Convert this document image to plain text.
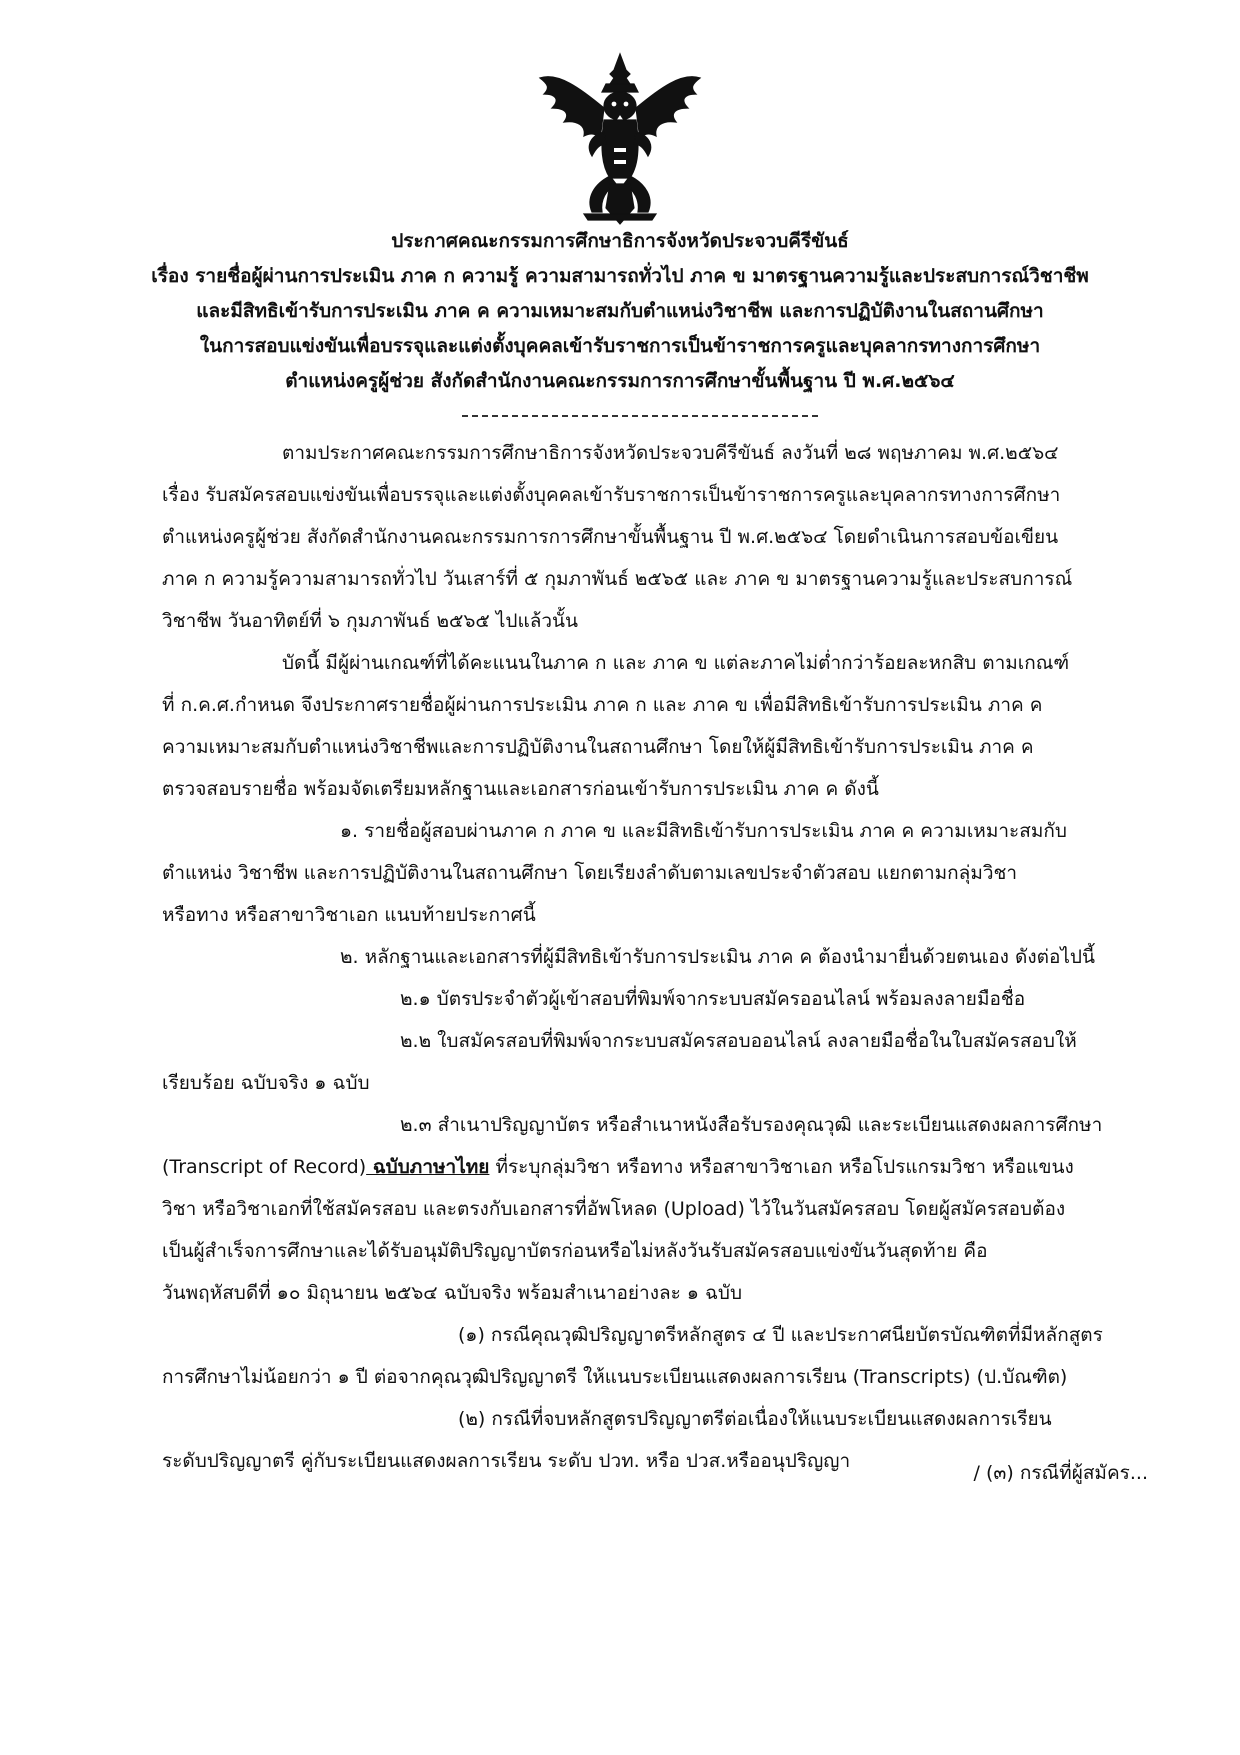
ประกาศคณะกรรมการศึกษาธิการจังหวัดประจวบคีรีขันธ์
เรื่อง รายชื่อผู้ผ่านการประเมิน ภาค ก ความรู้ ความสามารถทั่วไป ภาค ข มาตรฐานความรู้และประสบการณ์วิชาชีพ
และมีสิทธิเข้ารับการประเมิน ภาค ค ความเหมาะสมกับตำแหน่งวิชาชีพ และการปฏิบัติงานในสถานศึกษา
ในการสอบแข่งขันเพื่อบรรจุและแต่งตั้งบุคคลเข้ารับราชการเป็นข้าราชการครูและบุคลากรทางการศึกษา
ตำแหน่งครูผู้ช่วย สังกัดสำนักงานคณะกรรมการการศึกษาขั้นพื้นฐาน ปี พ.ศ.๒๕๖๔
ตามประกาศคณะกรรมการศึกษาธิการจังหวัดประจวบคีรีขันธ์ ลงวันที่ ๒๘ พฤษภาคม พ.ศ.๒๕๖๔
เรื่อง รับสมัครสอบแข่งขันเพื่อบรรจุและแต่งตั้งบุคคลเข้ารับราชการเป็นข้าราชการครูและบุคลากรทางการศึกษา
ตำแหน่งครูผู้ช่วย สังกัดสำนักงานคณะกรรมการการศึกษาขั้นพื้นฐาน ปี พ.ศ.๒๕๖๔ โดยดำเนินการสอบข้อเขียน
ภาค ก ความรู้ความสามารถทั่วไป วันเสาร์ที่ ๕ กุมภาพันธ์ ๒๕๖๕ และ ภาค ข มาตรฐานความรู้และประสบการณ์
วิชาชีพ วันอาทิตย์ที่ ๖ กุมภาพันธ์ ๒๕๖๕ ไปแล้วนั้น
บัดนี้ มีผู้ผ่านเกณฑ์ที่ได้คะแนนในภาค ก และ ภาค ข แต่ละภาคไม่ต่ำกว่าร้อยละหกสิบ ตามเกณฑ์
ที่ ก.ค.ศ.กำหนด จึงประกาศรายชื่อผู้ผ่านการประเมิน ภาค ก และ ภาค ข เพื่อมีสิทธิเข้ารับการประเมิน ภาค ค
ความเหมาะสมกับตำแหน่งวิชาชีพและการปฏิบัติงานในสถานศึกษา โดยให้ผู้มีสิทธิเข้ารับการประเมิน ภาค ค
ตรวจสอบรายชื่อ พร้อมจัดเตรียมหลักฐานและเอกสารก่อนเข้ารับการประเมิน ภาค ค ดังนี้
๑. รายชื่อผู้สอบผ่านภาค ก ภาค ข และมีสิทธิเข้ารับการประเมิน ภาค ค ความเหมาะสมกับ
ตำแหน่ง วิชาชีพ และการปฏิบัติงานในสถานศึกษา โดยเรียงลำดับตามเลขประจำตัวสอบ แยกตามกลุ่มวิชา
หรือทาง หรือสาขาวิชาเอก แนบท้ายประกาศนี้
๒. หลักฐานและเอกสารที่ผู้มีสิทธิเข้ารับการประเมิน ภาค ค ต้องนำมายื่นด้วยตนเอง ดังต่อไปนี้
๒.๑ บัตรประจำตัวผู้เข้าสอบที่พิมพ์จากระบบสมัครออนไลน์ พร้อมลงลายมือชื่อ
๒.๒ ใบสมัครสอบที่พิมพ์จากระบบสมัครสอบออนไลน์ ลงลายมือชื่อในใบสมัครสอบให้
เรียบร้อย ฉบับจริง ๑ ฉบับ
๒.๓ สำเนาปริญญาบัตร หรือสำเนาหนังสือรับรองคุณวุฒิ และระเบียนแสดงผลการศึกษา
(Transcript of Record) ฉบับภาษาไทย ที่ระบุกลุ่มวิชา หรือทาง หรือสาขาวิชาเอก หรือโปรแกรมวิชา หรือแขนง
วิชา หรือวิชาเอกที่ใช้สมัครสอบ และตรงกับเอกสารที่อัพโหลด (Upload) ไว้ในวันสมัครสอบ โดยผู้สมัครสอบต้อง
เป็นผู้สำเร็จการศึกษาและได้รับอนุมัติปริญญาบัตรก่อนหรือไม่หลังวันรับสมัครสอบแข่งขันวันสุดท้าย คือ
วันพฤหัสบดีที่ ๑๐ มิถุนายน ๒๕๖๔ ฉบับจริง พร้อมสำเนาอย่างละ ๑ ฉบับ
(๑) กรณีคุณวุฒิปริญญาตรีหลักสูตร ๔ ปี และประกาศนียบัตรบัณฑิตที่มีหลักสูตร
การศึกษาไม่น้อยกว่า ๑ ปี ต่อจากคุณวุฒิปริญญาตรี ให้แนบระเบียนแสดงผลการเรียน (Transcripts) (ป.บัณฑิต)
(๒) กรณีที่จบหลักสูตรปริญญาตรีต่อเนื่องให้แนบระเบียนแสดงผลการเรียน
ระดับปริญญาตรี คู่กับระเบียนแสดงผลการเรียน ระดับ ปวท. หรือ ปวส.หรืออนุปริญญา
/ (๓) กรณีที่ผู้สมัคร...
